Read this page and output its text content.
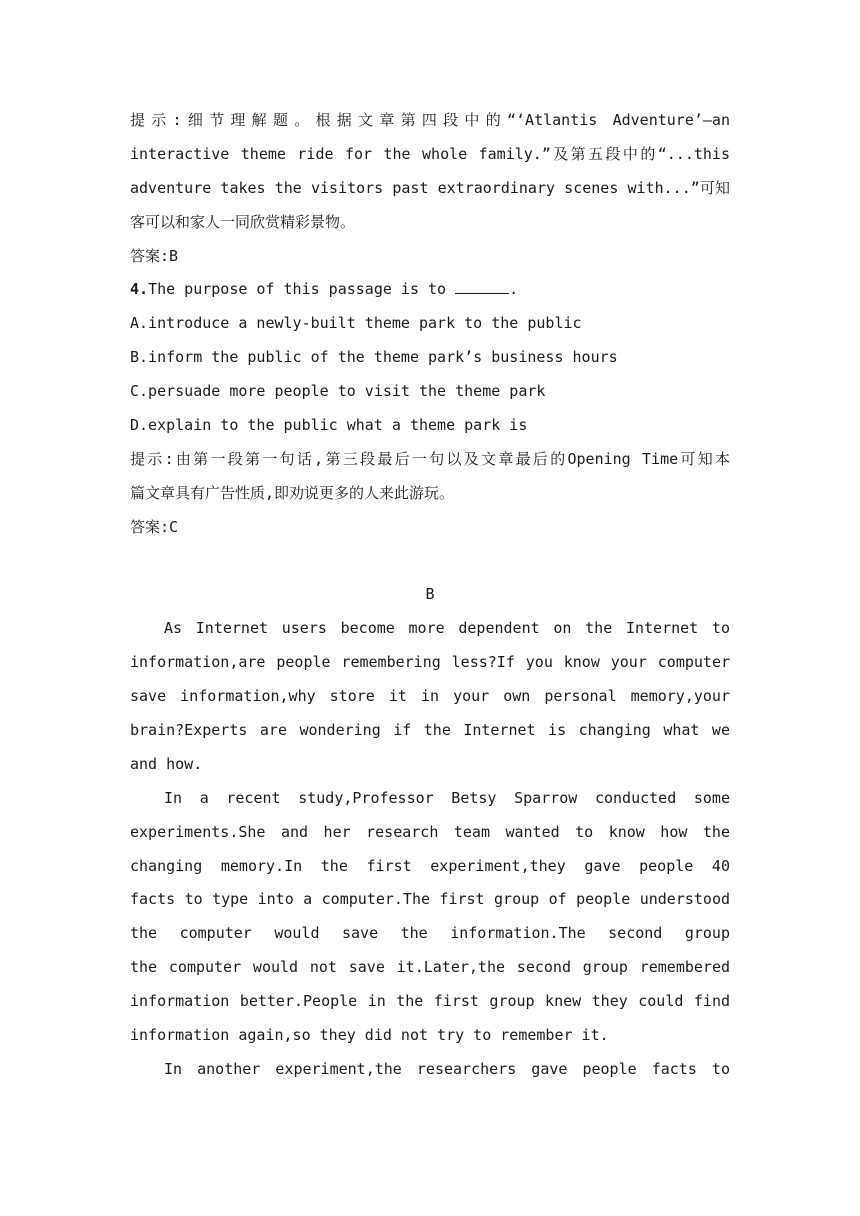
提示:细节理解题。根据文章第四段中的“‘Atlantis Adventure’—an
interactive theme ride for the whole family.”及第五段中的“...this
adventure takes the visitors past extraordinary scenes with...”可知
客可以和家人一同欣赏精彩景物。
答案:B
4.The purpose of this passage is to	.
A.introduce a newly-built theme park to the public
B.inform the public of the theme park’s business hours
C.persuade more people to visit the theme park
D.explain to the public what a theme park is
提示:由第一段第一句话,第三段最后一句以及文章最后的Opening Time可知本
篇文章具有广告性质,即劝说更多的人来此游玩。
答案:C
B
As Internet users become more dependent on the Internet to
information,are people remembering less?If you know your computer
save information,why store it in your own personal memory,your
brain?Experts are wondering if the Internet is changing what we
and how.
In a recent study,Professor Betsy Sparrow conducted some
experiments.She and her research team wanted to know how the
changing memory.In the first experiment,they gave people 40
facts to type into a computer.The first group of people understood
the computer would save the information.The second group
the computer would not save it.Later,the second group remembered
information better.People in the first group knew they could find
information again,so they did not try to remember it.
In another experiment,the researchers gave people facts to
